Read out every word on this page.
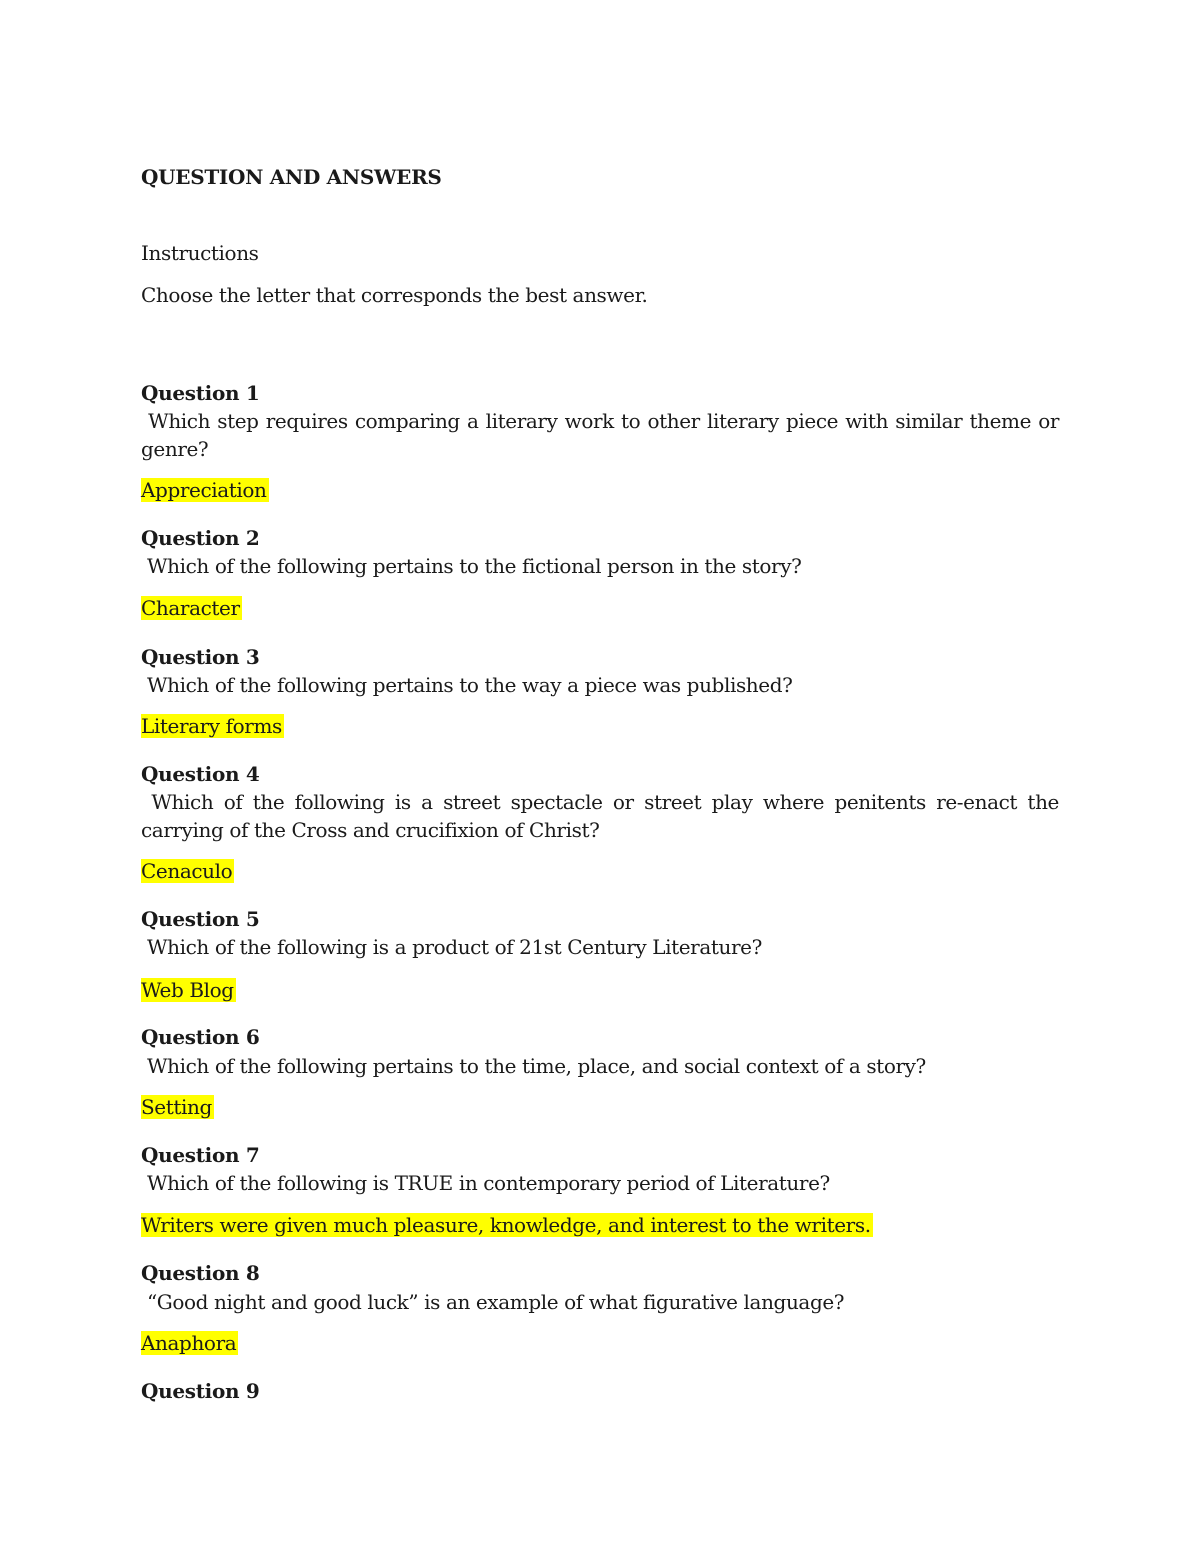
QUESTION AND ANSWERS
Instructions
Choose the letter that corresponds the best answer.
Question 1
Which step requires comparing a literary work to other literary piece with similar theme or genre?
Appreciation
Question 2
Which of the following pertains to the fictional person in the story?
Character
Question 3
Which of the following pertains to the way a piece was published?
Literary forms
Question 4
Which of the following is a street spectacle or street play where penitents re-enact the carrying of the Cross and crucifixion of Christ?
Cenaculo
Question 5
Which of the following is a product of 21st Century Literature?
Web Blog
Question 6
Which of the following pertains to the time, place, and social context of a story?
Setting
Question 7
Which of the following is TRUE in contemporary period of Literature?
Writers were given much pleasure, knowledge, and interest to the writers.
Question 8
“Good night and good luck” is an example of what figurative language?
Anaphora
Question 9
